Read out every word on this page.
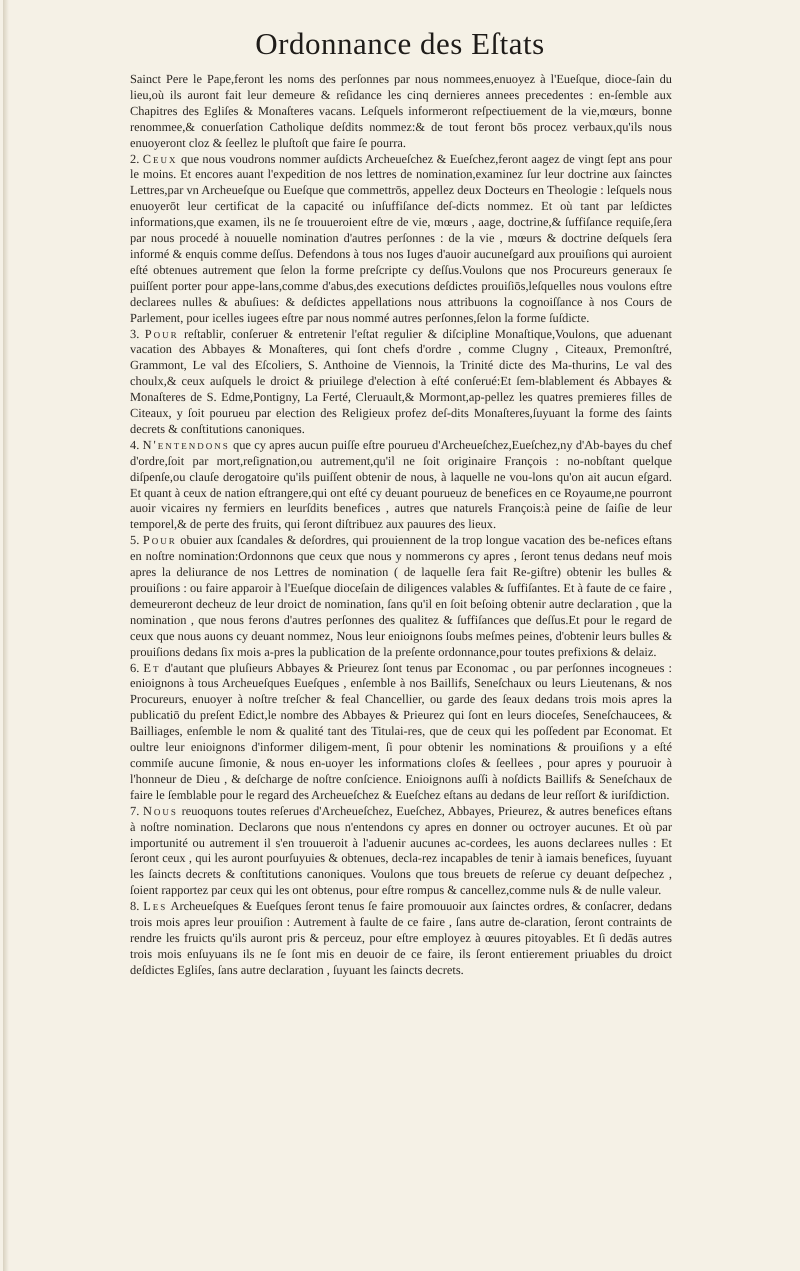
Ordonnance des Eſtats

Sainct Pere le Pape,feront les noms des perſonnes par nous nommees,enuoyez à l'Eueſque, dioce-ſain du lieu,où ils auront fait leur demeure & reſidance les cinq dernieres annees precedentes : en-ſemble aux Chapitres des Egliſes & Monaſteres vacans. Leſquels informeront reſpectiuement de la vie,mœurs, bonne renommee,& conuerſation Catholique deſdits nommez:& de tout feront bōs procez verbaux,qu'ils nous enuoyeront cloz & ſeellez le pluſtoſt que faire ſe pourra.

2. Ceux que nous voudrons nommer auſdicts Archeueſchez & Eueſchez,feront aagez de vingt ſept ans pour le moins. Et encores auant l'expedition de nos lettres de nomination,examinez ſur leur doctrine aux ſainctes Lettres,par vn Archeueſque ou Eueſque que commettrōs, appellez deux Docteurs en Theologie : leſquels nous enuoyerōt leur certificat de la capacité ou inſuffiſance deſ-dicts nommez. Et où tant par leſdictes informations,que examen, ils ne ſe trouueroient eſtre de vie, mœurs , aage, doctrine,& ſuffiſance requiſe,ſera par nous procedé à nouuelle nomination d'autres perſonnes : de la vie , mœurs & doctrine deſquels ſera informé & enquis comme deſſus. Defendons à tous nos Iuges d'auoir aucuneſgard aux prouiſions qui auroient eſté obtenues autrement que ſelon la forme preſcripte cy deſſus.Voulons que nos Procureurs generaux ſe puiſſent porter pour appe-lans,comme d'abus,des executions deſdictes prouiſiōs,leſquelles nous voulons eſtre declarees nulles & abuſiues: & deſdictes appellations nous attribuons la cognoiſſance à nos Cours de Parlement, pour icelles iugees eſtre par nous nommé autres perſonnes,ſelon la forme ſuſdicte.

3. Pour reſtablir, conſeruer & entretenir l'eſtat regulier & diſcipline Monaſtique,Voulons, que aduenant vacation des Abbayes & Monaſteres, qui ſont chefs d'ordre , comme Clugny , Citeaux, Premonſtré, Grammont, Le val des Eſcoliers, S. Anthoine de Viennois, la Trinité dicte des Ma-thurins, Le val des choulx,& ceux auſquels le droict & priuilege d'election à eſté conſerué:Et ſem-blablement és Abbayes & Monaſteres de S. Edme,Pontigny, La Ferté, Cleruault,& Mormont,ap-pellez les quatres premieres filles de Citeaux, y ſoit pourueu par election des Religieux profez deſ-dits Monaſteres,ſuyuant la forme des ſaints decrets & conſtitutions canoniques.

4. N'entendons que cy apres aucun puiſſe eſtre pourueu d'Archeueſchez,Eueſchez,ny d'Ab-bayes du chef d'ordre,ſoit par mort,reſignation,ou autrement,qu'il ne ſoit originaire François : no-nobſtant quelque diſpenſe,ou clauſe derogatoire qu'ils puiſſent obtenir de nous, à laquelle ne vou-lons qu'on ait aucun eſgard. Et quant à ceux de nation eſtrangere,qui ont eſté cy deuant pourueuz de benefices en ce Royaume,ne pourront auoir vicaires ny fermiers en leurſdits benefices , autres que naturels François:à peine de ſaiſie de leur temporel,& de perte des fruits, qui ſeront diſtribuez aux pauures des lieux.

5. Pour obuier aux ſcandales & deſordres, qui prouiennent de la trop longue vacation des be-nefices eſtans en noſtre nomination:Ordonnons que ceux que nous y nommerons cy apres , ſeront tenus dedans neuf mois apres la deliurance de nos Lettres de nomination ( de laquelle ſera fait Re-giſtre) obtenir les bulles & prouiſions : ou faire apparoir à l'Eueſque dioceſain de diligences valables & ſuffiſantes. Et à faute de ce faire , demeureront decheuz de leur droict de nomination, ſans qu'il en ſoit beſoing obtenir autre declaration , que la nomination , que nous ferons d'autres perſonnes des qualitez & ſuffiſances que deſſus.Et pour le regard de ceux que nous auons cy deuant nommez, Nous leur enioignons ſoubs meſmes peines, d'obtenir leurs bulles & prouiſions dedans ſix mois a-pres la publication de la preſente ordonnance,pour toutes prefixions & delaiz.

6. Et d'autant que pluſieurs Abbayes & Prieurez ſont tenus par Economac , ou par perſonnes incogneues : enioignons à tous Archeueſques Eueſques , enſemble à nos Baillifs, Seneſchaux ou leurs Lieutenans, & nos Procureurs, enuoyer à noſtre treſcher & feal Chancellier, ou garde des ſeaux dedans trois mois apres la publicatiō du preſent Edict,le nombre des Abbayes & Prieurez qui ſont en leurs dioceſes, Seneſchaucees, & Bailliages, enſemble le nom & qualité tant des Titulai-res, que de ceux qui les poſſedent par Economat. Et oultre leur enioignons d'informer diligem-ment, ſi pour obtenir les nominations & prouiſions y a eſté commiſe aucune ſimonie, & nous en-uoyer les informations cloſes & ſeellees , pour apres y pouruoir à l'honneur de Dieu , & deſcharge de noſtre conſcience. Enioignons auſſi à noſdicts Baillifs & Seneſchaux de faire le ſemblable pour le regard des Archeueſchez & Eueſchez eſtans au dedans de leur reſſort & iuriſdiction.

7. Nous reuoquons toutes reſerues d'Archeueſchez, Eueſchez, Abbayes, Prieurez, & autres benefices eſtans à noſtre nomination. Declarons que nous n'entendons cy apres en donner ou octroyer aucunes. Et où par importunité ou autrement il s'en trouueroit à l'aduenir aucunes ac-cordees, les auons declarees nulles : Et ſeront ceux , qui les auront pourſuyuies & obtenues, decla-rez incapables de tenir à iamais benefices, ſuyuant les ſaincts decrets & conſtitutions canoniques. Voulons que tous breuets de reſerue cy deuant deſpechez , ſoient rapportez par ceux qui les ont obtenus, pour eſtre rompus & cancellez,comme nuls & de nulle valeur.

8. Les Archeueſques & Eueſques ſeront tenus ſe faire promouuoir aux ſainctes ordres, & conſacrer, dedans trois mois apres leur prouiſion : Autrement à faulte de ce faire , ſans autre de-claration, ſeront contraints de rendre les fruicts qu'ils auront pris & perceuz, pour eſtre employez à œuures pitoyables. Et ſi dedās autres trois mois enſuyuans ils ne ſe ſont mis en deuoir de ce faire, ils ſeront entierement priuables du droict deſdictes Egliſes, ſans autre declaration , ſuyuant les ſaincts decrets.
